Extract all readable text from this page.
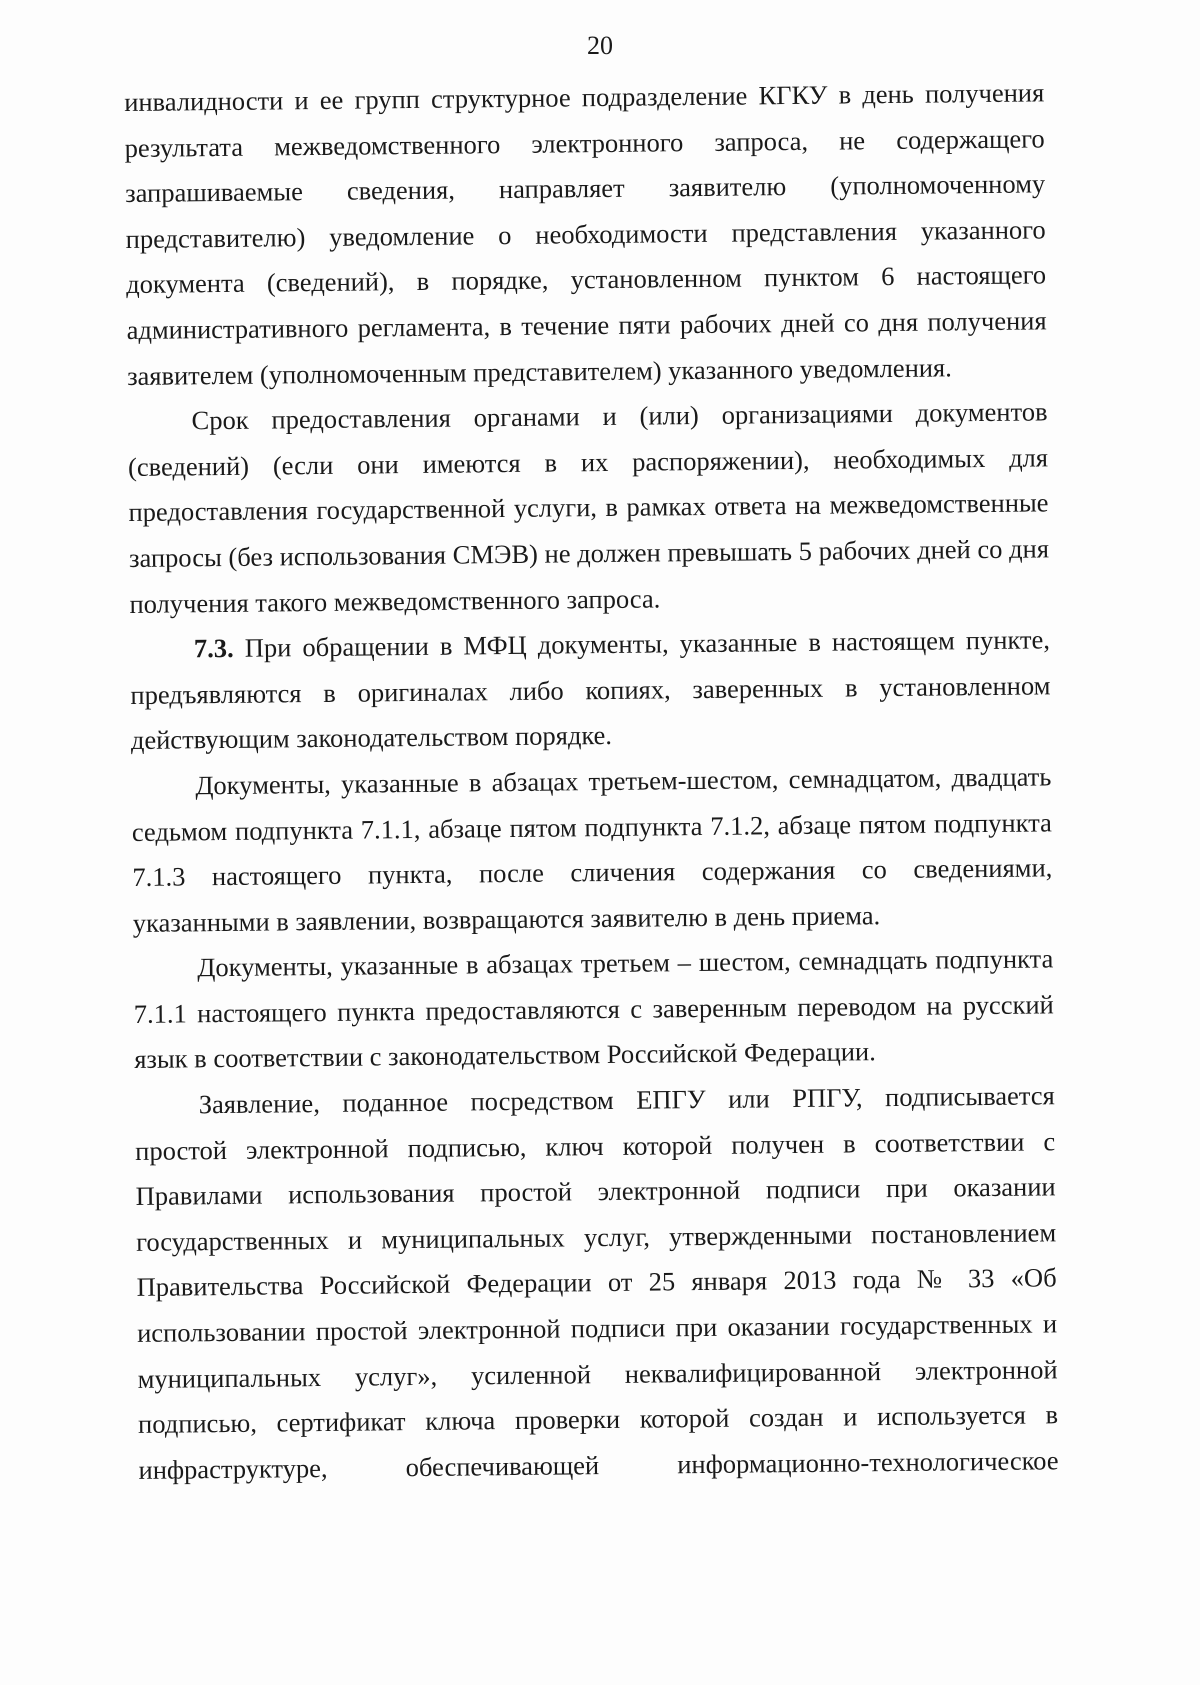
20

инвалидности и ее групп структурное подразделение КГКУ в день получения результата межведомственного электронного запроса, не содержащего запрашиваемые сведения, направляет заявителю (уполномоченному представителю) уведомление о необходимости представления указанного документа (сведений), в порядке, установленном пунктом 6 настоящего административного регламента, в течение пяти рабочих дней со дня получения заявителем (уполномоченным представителем) указанного уведомления.

Срок предоставления органами и (или) организациями документов (сведений) (если они имеются в их распоряжении), необходимых для предоставления государственной услуги, в рамках ответа на межведомственные запросы (без использования СМЭВ) не должен превышать 5 рабочих дней со дня получения такого межведомственного запроса.

7.3. При обращении в МФЦ документы, указанные в настоящем пункте, предъявляются в оригиналах либо копиях, заверенных в установленном действующим законодательством порядке.

Документы, указанные в абзацах третьем-шестом, семнадцатом, двадцать седьмом подпункта 7.1.1, абзаце пятом подпункта 7.1.2, абзаце пятом подпункта 7.1.3 настоящего пункта, после сличения содержания со сведениями, указанными в заявлении, возвращаются заявителю в день приема.

Документы, указанные в абзацах третьем – шестом, семнадцать подпункта 7.1.1 настоящего пункта предоставляются с заверенным переводом на русский язык в соответствии с законодательством Российской Федерации.

Заявление, поданное посредством ЕПГУ или РПГУ, подписывается простой электронной подписью, ключ которой получен в соответствии с Правилами использования простой электронной подписи при оказании государственных и муниципальных услуг, утвержденными постановлением Правительства Российской Федерации от 25 января 2013 года № 33 «Об использовании простой электронной подписи при оказании государственных и муниципальных услуг», усиленной неквалифицированной электронной подписью, сертификат ключа проверки которой создан и используется в инфраструктуре, обеспечивающей информационно-технологическое
